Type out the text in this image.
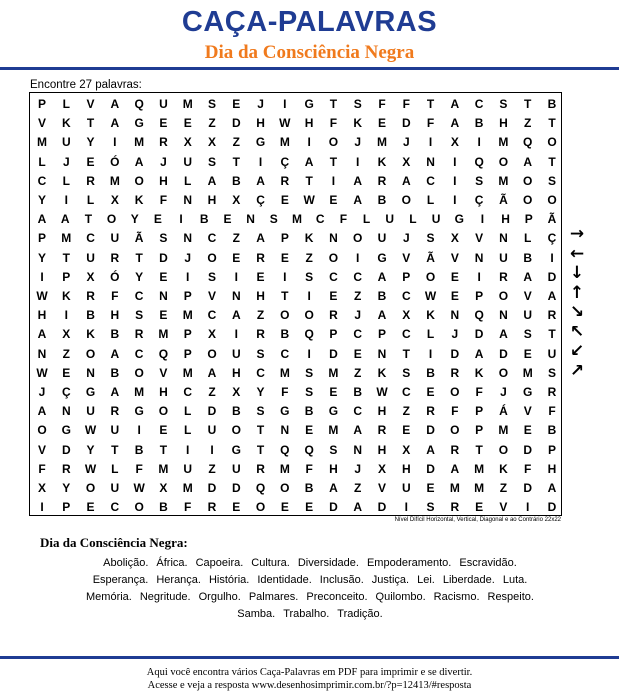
CAÇA-PALAVRAS
Dia da Consciência Negra
Encontre 27 palavras:
P	L	V	A	Q	U	M	S	E	J	I	G	T	S	F	F	T	A	C	S	T	B
V	K	T	A	G	E	E	Z	D	H	W	H	F	K	E	D	F	A	B	H	Z	T
M	U	Y	I	M	R	X	X	Z	G	M	I	O	J	M	J	I	X	I	M	Q	O
L	J	E	Ó	A	J	U	S	T	I	Ç	A	T	I	K	X	N	I	Q	O	A	T
C	L	R	M	O	H	L	A	B	A	R	T	I	A	R	A	C	I	S	M	O	S
Y	I	L	X	K	F	N	H	X	Ç	E	W	E	A	B	O	L	I	Ç	Ã	O	O
A	A	T	O	Y	E	I	B	E	N	S	M	C	F	L	U	L	U	G	I	H	P	Ã
P	M	C	U	Ã	S	N	C	Z	A	P	K	N	O	U	J	S	X	V	N	L	Ç
Y	T	U	R	T	D	J	O	E	R	E	Z	O	I	G	V	Ã	V	N	U	B	I
I	P	X	Ó	Y	E	I	S	I	E	I	S	C	C	A	P	O	E	I	R	A	D
W	K	R	F	C	N	P	V	N	H	T	I	E	Z	B	C	W	E	P	O	V	A
H	I	B	H	S	E	M	C	A	Z	O	O	R	J	A	X	K	N	Q	N	U	R
A	X	K	B	R	M	P	X	I	R	B	Q	P	C	P	C	L	J	D	A	S	T
N	Z	O	A	C	Q	P	O	U	S	C	I	D	E	N	T	I	D	A	D	E	U
W	E	N	B	O	V	M	A	H	C	M	S	M	Z	K	S	B	R	K	O	M	S
J	Ç	G	A	M	H	C	Z	X	Y	F	S	E	B	W	C	E	O	F	J	G	R
A	N	U	R	G	O	L	D	B	S	G	B	G	C	H	Z	R	F	P	Á	V	F
O	G	W	U	I	E	L	U	O	T	N	E	M	A	R	E	D	O	P	M	E	B
V	D	Y	T	B	T	I	I	G	T	Q	Q	S	N	H	X	A	R	T	O	D	P
F	R	W	L	F	M	U	Z	U	R	M	F	H	J	X	H	D	A	M	K	F	H
X	Y	O	U	W	X	M	D	D	Q	O	B	A	Z	V	U	E	M	M	Z	D	A
I	P	E	C	O	B	F	R	E	O	E	E	D	A	D	I	S	R	E	V	I	D
Nível Difícil Horizontal, Vertical, Diagonal e ao Contrário 22x22
→
←
↓
↑
↘
↖
↙
↗
Dia da Consciência Negra:
Abolição. África. Capoeira. Cultura. Diversidade. Empoderamento. Escravidão.
Esperança. Herança. História. Identidade. Inclusão. Justiça. Lei. Liberdade. Luta.
Memória. Negritude. Orgulho. Palmares. Preconceito. Quilombo. Racismo. Respeito.
Samba. Trabalho. Tradição.
Aqui você encontra vários Caça-Palavras em PDF para imprimir e se divertir.
Acesse e veja a resposta www.desenhosimprimir.com.br/?p=12413/#resposta
